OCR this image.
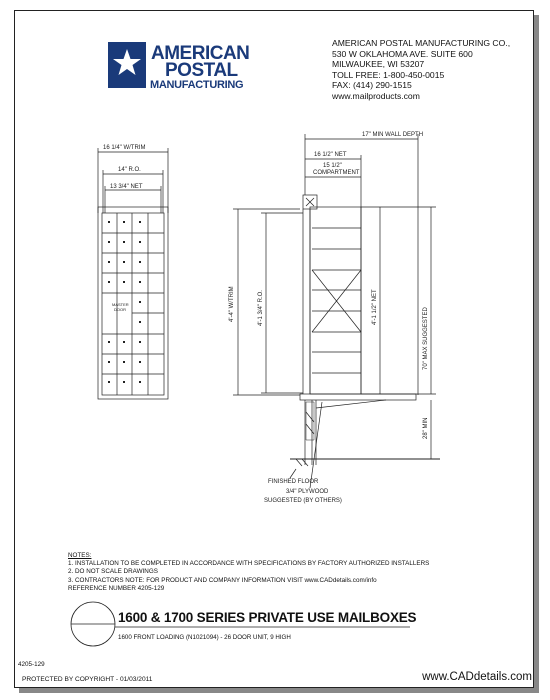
AMERICAN
POSTAL
MANUFACTURING
MASTER
DOOR
16 1/4" W/TRIM
14" R.O.
13 3/4" NET
17" MIN WALL DEPTH
16 1/2" NET
15 1/2"
COMPARTMENT
4'-4" W/TRIM	4'-1 3/4" R.O.	4'-1 1/2" NET	70" MAX SUGGESTED
28" MIN
FINISHED FLOOR
3/4" PLYWOOD
SUGGESTED (BY OTHERS)
AMERICAN POSTAL MANUFACTURING CO.,
530 W OKLAHOMA AVE. SUITE 600
MILWAUKEE, WI 53207
TOLL FREE: 1-800-450-0015
FAX: (414) 290-1515
www.mailproducts.com
NOTES:
1. INSTALLATION TO BE COMPLETED IN ACCORDANCE WITH SPECIFICATIONS BY FACTORY AUTHORIZED INSTALLERS
2. DO NOT SCALE DRAWINGS
3. CONTRACTORS NOTE: FOR PRODUCT AND COMPANY INFORMATION VISIT www.CADdetails.com/info
REFERENCE NUMBER 4205-129
1600 & 1700 SERIES PRIVATE USE MAILBOXES
1600 FRONT LOADING (N1021094) - 26 DOOR UNIT, 9 HIGH
4205-129
PROTECTED BY COPYRIGHT - 01/03/2011	www.CADdetails.com
